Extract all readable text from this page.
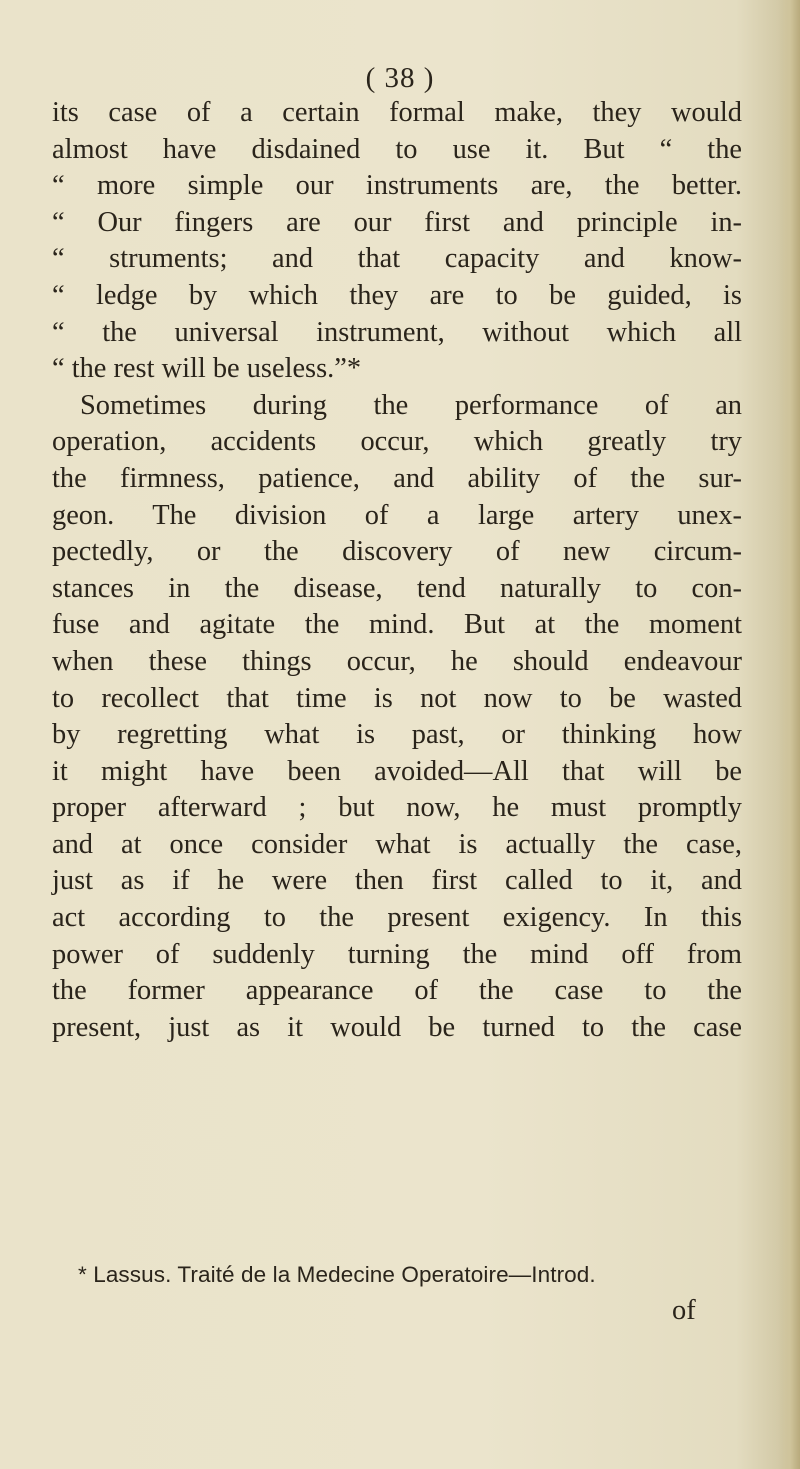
( 38 )
its case of a certain formal make, they would
almost have disdained to use it. But “ the
“ more simple our instruments are, the better.
“ Our fingers are our first and principle in-
“ struments; and that capacity and know-
“ ledge by which they are to be guided, is
“ the universal instrument, without which all
“ the rest will be useless.”*
Sometimes during the performance of an
operation, accidents occur, which greatly try
the firmness, patience, and ability of the sur-
geon. The division of a large artery unex-
pectedly, or the discovery of new circum-
stances in the disease, tend naturally to con-
fuse and agitate the mind. But at the moment
when these things occur, he should endeavour
to recollect that time is not now to be wasted
by regretting what is past, or thinking how
it might have been avoided—All that will be
proper afterward ; but now, he must promptly
and at once consider what is actually the case,
just as if he were then first called to it, and
act according to the present exigency. In this
power of suddenly turning the mind off from
the former appearance of the case to the
present, just as it would be turned to the case
* Lassus. Traité de la Medecine Operatoire—Introd.
of
